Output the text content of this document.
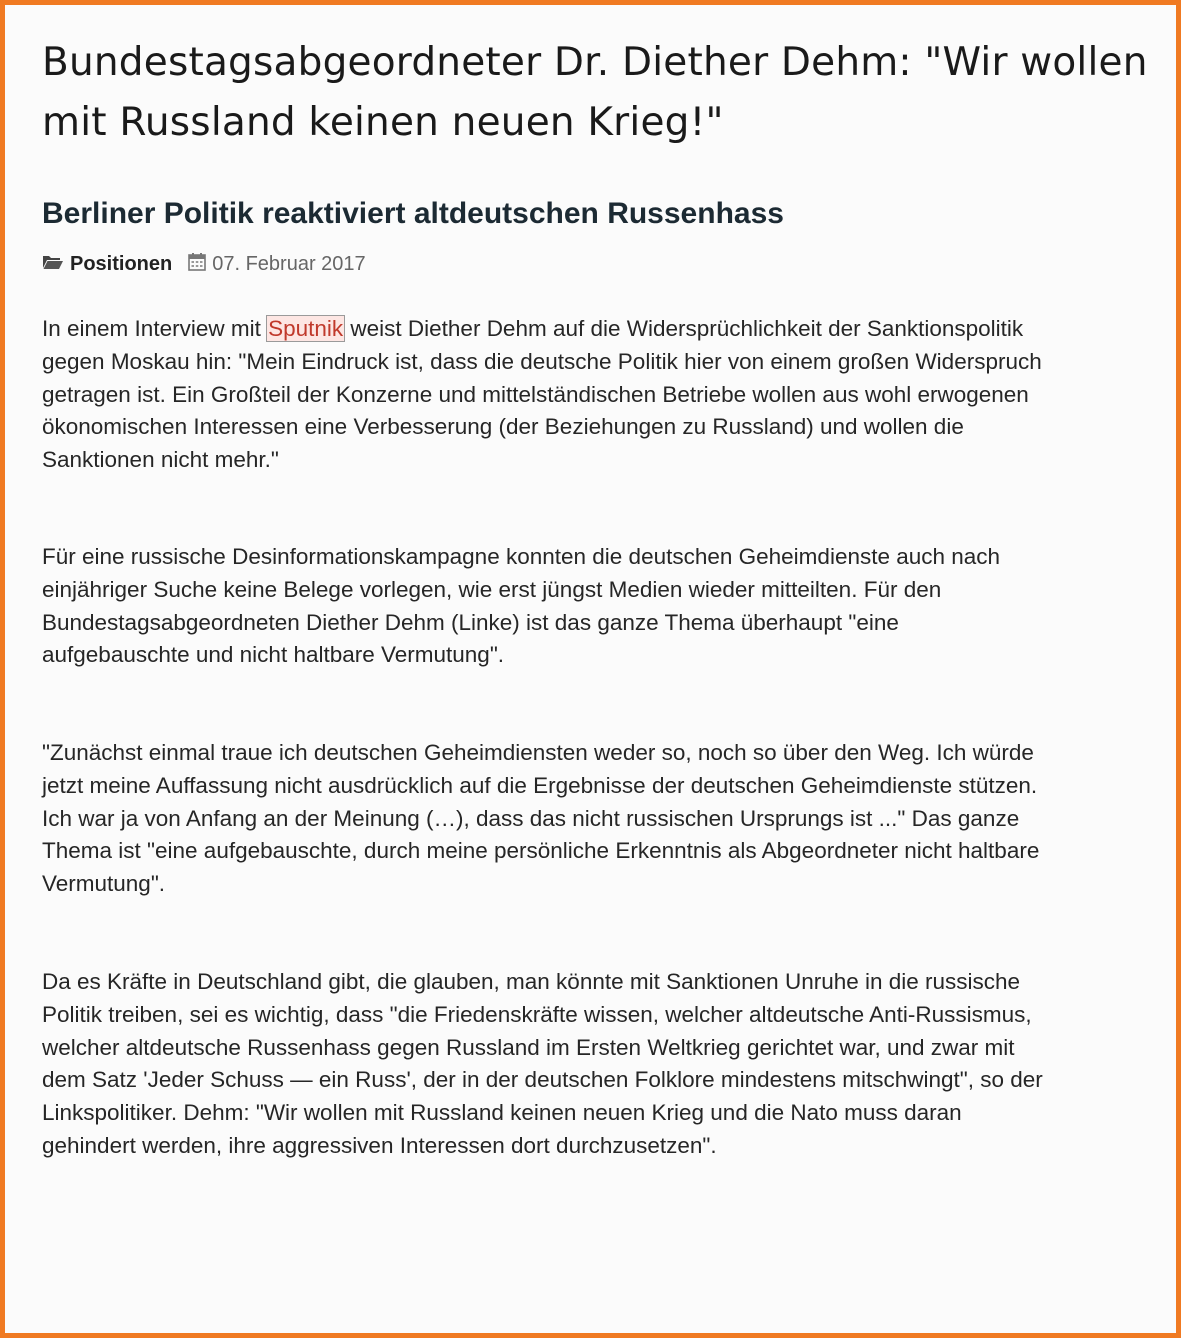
Bundestagsabgeordneter Dr. Diether Dehm: "Wir wollen mit Russland keinen neuen Krieg!"
Berliner Politik reaktiviert altdeutschen Russenhass
Positionen 07. Februar 2017

In einem Interview mit Sputnik weist Diether Dehm auf die Widersprüchlichkeit der Sanktionspolitik gegen Moskau hin: "Mein Eindruck ist, dass die deutsche Politik hier von einem großen Widerspruch getragen ist. Ein Großteil der Konzerne und mittelständischen Betriebe wollen aus wohl erwogenen ökonomischen Interessen eine Verbesserung (der Beziehungen zu Russland) und wollen die Sanktionen nicht mehr."

Für eine russische Desinformationskampagne konnten die deutschen Geheimdienste auch nach einjähriger Suche keine Belege vorlegen, wie erst jüngst Medien wieder mitteilten. Für den Bundestagsabgeordneten Diether Dehm (Linke) ist das ganze Thema überhaupt "eine aufgebauschte und nicht haltbare Vermutung".

"Zunächst einmal traue ich deutschen Geheimdiensten weder so, noch so über den Weg. Ich würde jetzt meine Auffassung nicht ausdrücklich auf die Ergebnisse der deutschen Geheimdienste stützen. Ich war ja von Anfang an der Meinung (…), dass das nicht russischen Ursprungs ist ..." Das ganze Thema ist "eine aufgebauschte, durch meine persönliche Erkenntnis als Abgeordneter nicht haltbare Vermutung".

Da es Kräfte in Deutschland gibt, die glauben, man könnte mit Sanktionen Unruhe in die russische Politik treiben, sei es wichtig, dass "die Friedenskräfte wissen, welcher altdeutsche Anti-Russismus, welcher altdeutsche Russenhass gegen Russland im Ersten Weltkrieg gerichtet war, und zwar mit dem Satz 'Jeder Schuss — ein Russ', der in der deutschen Folklore mindestens mitschwingt", so der Linkspolitiker. Dehm: "Wir wollen mit Russland keinen neuen Krieg und die Nato muss daran gehindert werden, ihre aggressiven Interessen dort durchzusetzen".
